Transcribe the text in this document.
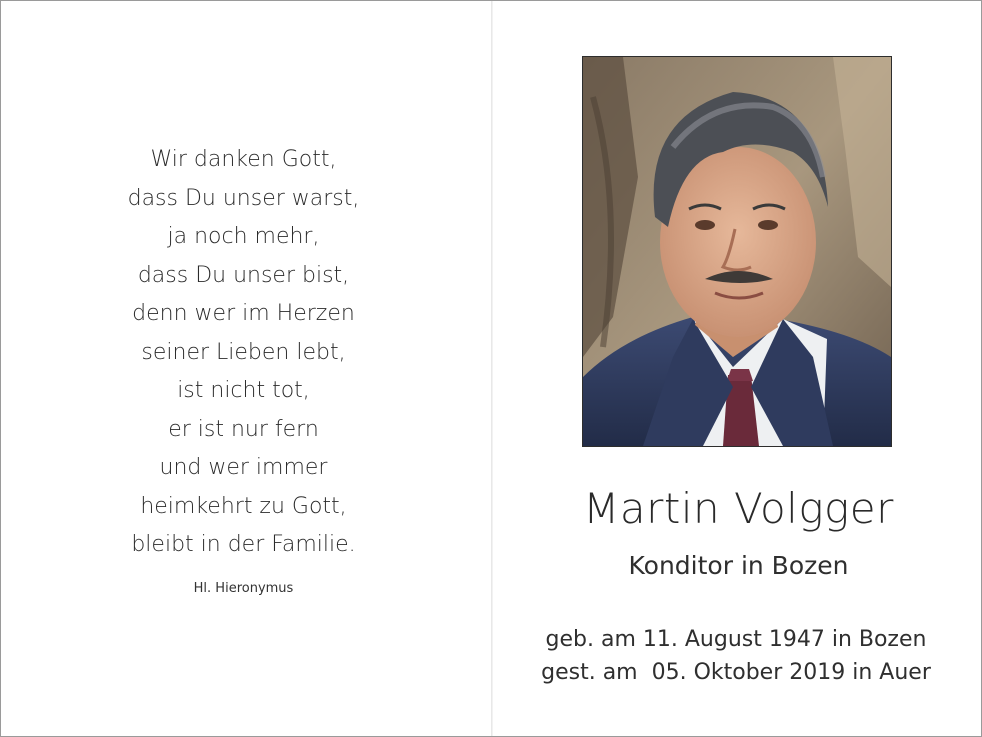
Wir danken Gott,
dass Du unser warst,
ja noch mehr,
dass Du unser bist,
denn wer im Herzen
seiner Lieben lebt,
ist nicht tot,
er ist nur fern
und wer immer
heimkehrt zu Gott,
bleibt in der Familie.
Hl. Hieronymus
Martin Volgger
Konditor in Bozen
geb. am 11. August 1947 in Bozen
gest. am  05. Oktober 2019 in Auer
